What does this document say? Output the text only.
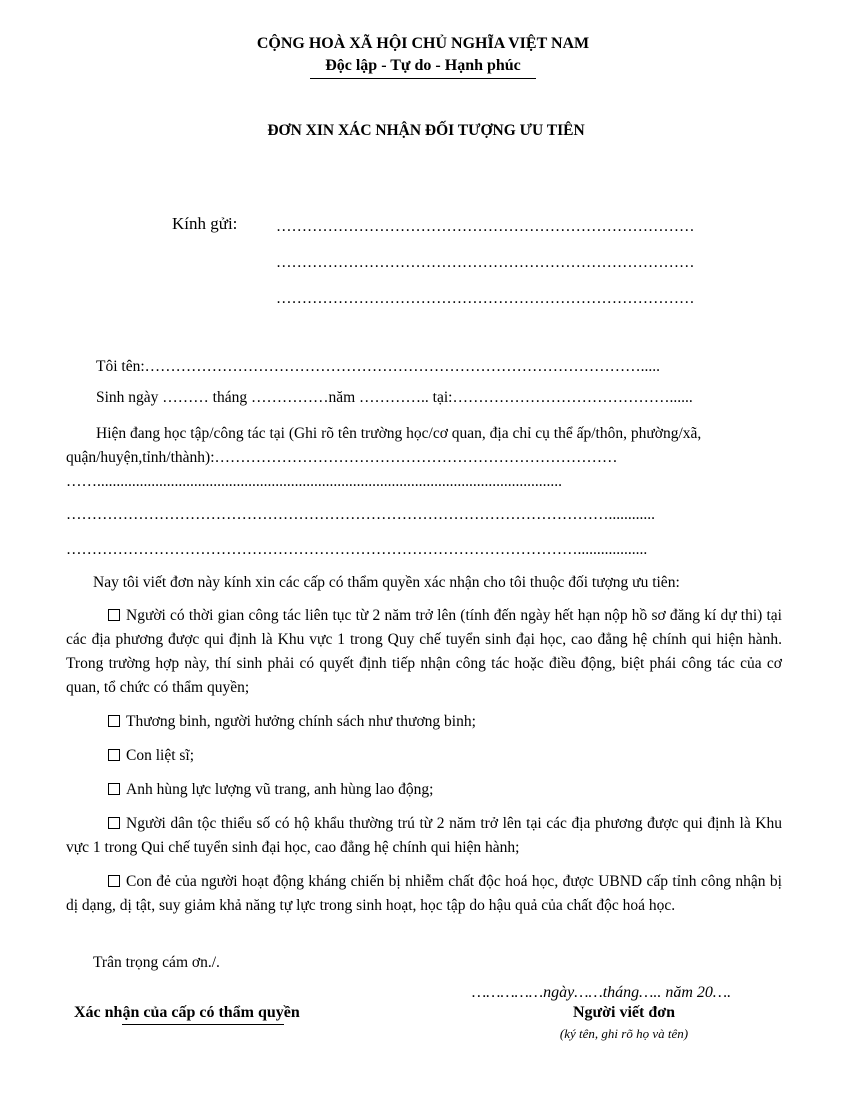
CỘNG HOÀ XÃ HỘI CHỦ NGHĨA VIỆT NAM
Độc lập - Tự do - Hạnh phúc
ĐƠN XIN XÁC NHẬN ĐỐI TƯỢNG ƯU TIÊN
Kính gửi: ………………………………………………………………………
………………………………………………………………………
………………………………………………………………………
Tôi tên:…………………………………………………………………………………….....
Sinh ngày ……… tháng ……………năm ………….. tại:……………………………………......
Hiện đang học tập/công tác tại (Ghi rõ tên trường học/cơ quan, địa chỉ cụ thể ấp/thôn, phường/xã,
quận/huyện,tỉnh/thành):……………………………………………………………………
……........................................................................................................................
……………………………………………………………………………………………............
………………………………………………………………………………………..................
Nay tôi viết đơn này kính xin các cấp có thẩm quyền xác nhận cho tôi thuộc đối tượng ưu tiên:
Người có thời gian công tác liên tục từ 2 năm trở lên (tính đến ngày hết hạn nộp hồ sơ đăng kí dự thi) tại các địa phương được qui định là Khu vực 1 trong Quy chế tuyển sinh đại học, cao đẳng hệ chính qui hiện hành. Trong trường hợp này, thí sinh phải có quyết định tiếp nhận công tác hoặc điều động, biệt phái công tác của cơ quan, tổ chức có thẩm quyền;
Thương binh, người hưởng chính sách như thương binh;
Con liệt sĩ;
Anh hùng lực lượng vũ trang, anh hùng lao động;
Người dân tộc thiểu số có hộ khẩu thường trú từ 2 năm trở lên tại các địa phương được qui định là Khu vực 1 trong Qui chế tuyển sinh đại học, cao đẳng hệ chính qui hiện hành;
Con đẻ của người hoạt động kháng chiến bị nhiễm chất độc hoá học, được UBND cấp tỉnh công nhận bị dị dạng, dị tật, suy giảm khả năng tự lực trong sinh hoạt, học tập do hậu quả của chất độc hoá học.
Trân trọng cám ơn./.
Xác nhận của cấp có thẩm quyền
……………ngày……tháng….. năm 20….
Người viết đơn
(ký tên, ghi rõ họ và tên)
